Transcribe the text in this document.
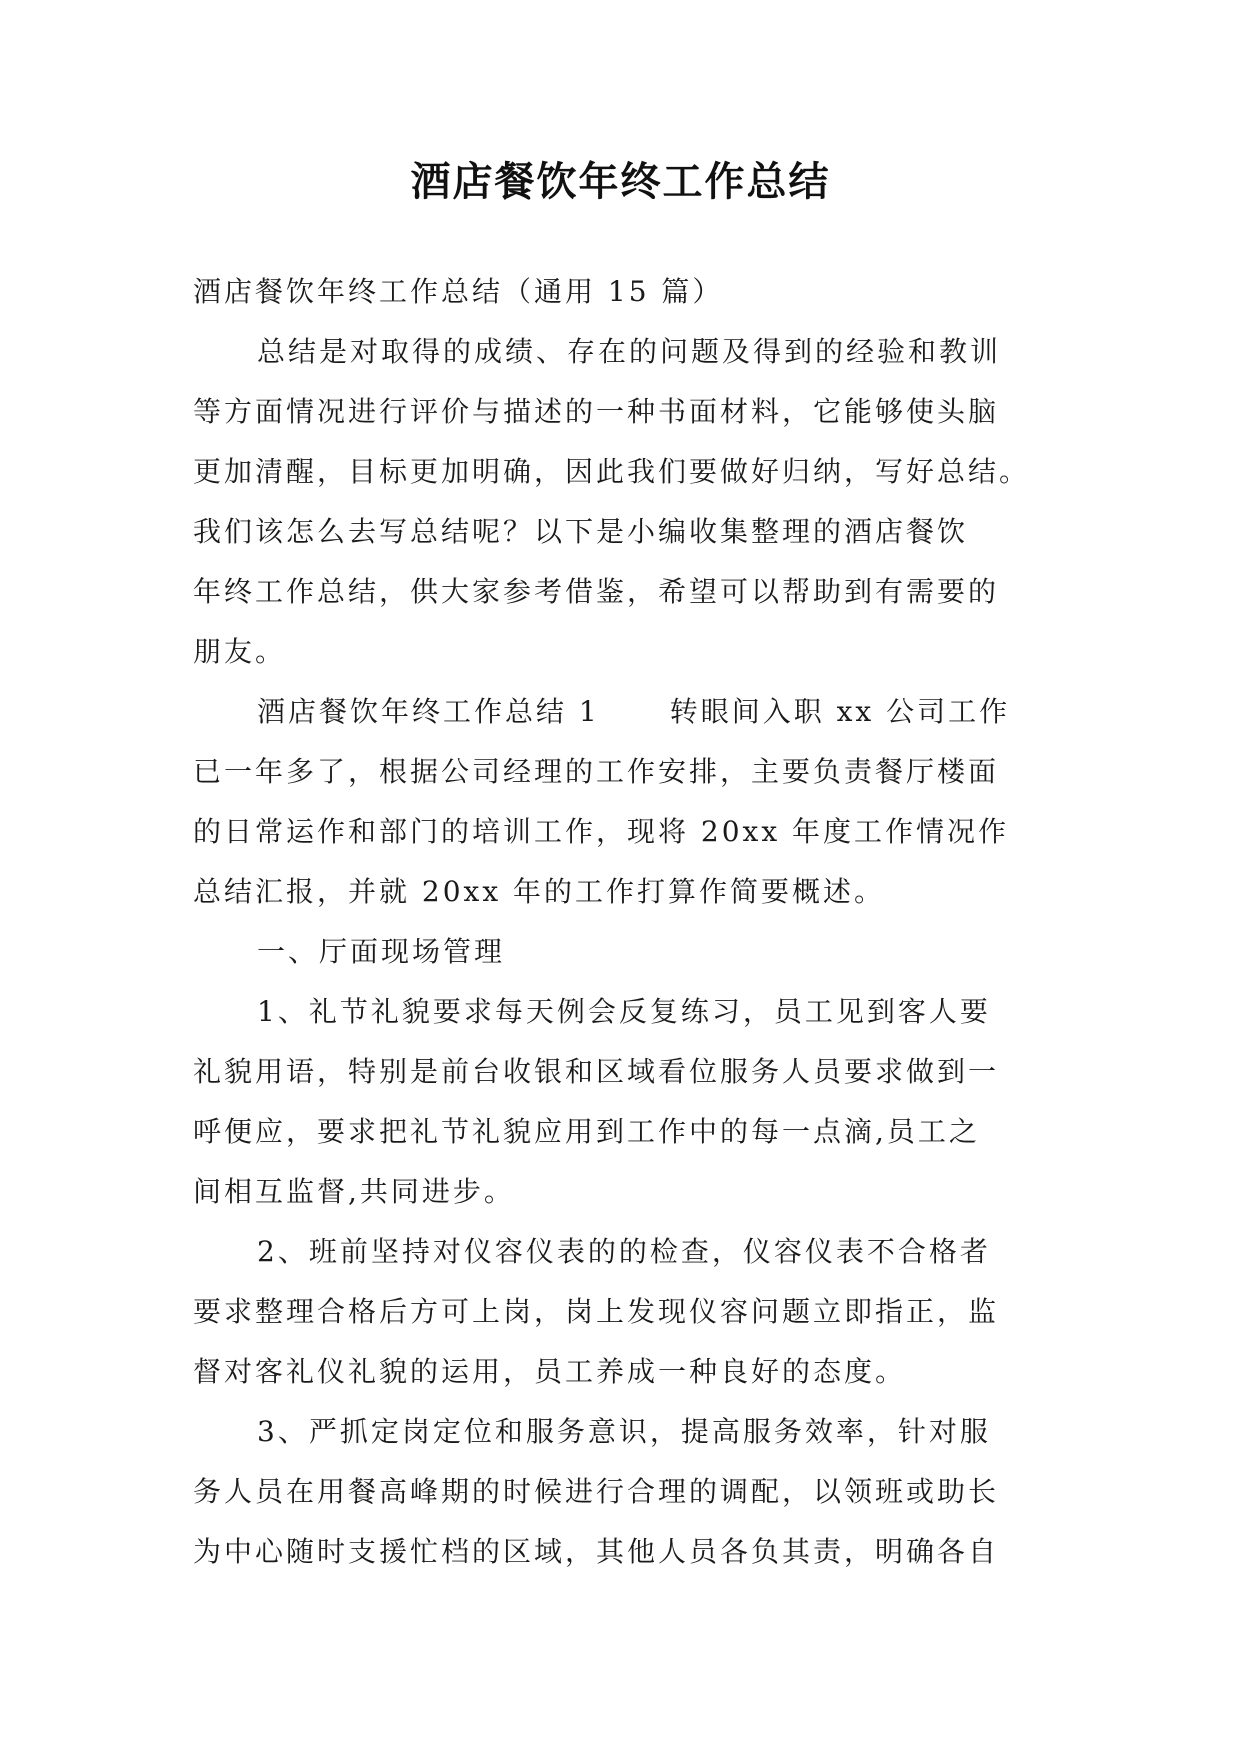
酒店餐饮年终工作总结
酒店餐饮年终工作总结（通用 15 篇）
总结是对取得的成绩、存在的问题及得到的经验和教训
等方面情况进行评价与描述的一种书面材料，它能够使头脑
更加清醒，目标更加明确，因此我们要做好归纳，写好总结。
我们该怎么去写总结呢？以下是小编收集整理的酒店餐饮
年终工作总结，供大家参考借鉴，希望可以帮助到有需要的
朋友。
酒店餐饮年终工作总结 1	转眼间入职 xx 公司工作
已一年多了，根据公司经理的工作安排，主要负责餐厅楼面
的日常运作和部门的培训工作，现将 20xx 年度工作情况作
总结汇报，并就 20xx 年的工作打算作简要概述。
一、厅面现场管理
1、礼节礼貌要求每天例会反复练习，员工见到客人要
礼貌用语，特别是前台收银和区域看位服务人员要求做到一
呼便应，要求把礼节礼貌应用到工作中的每一点滴,员工之
间相互监督,共同进步。
2、班前坚持对仪容仪表的的检查，仪容仪表不合格者
要求整理合格后方可上岗，岗上发现仪容问题立即指正，监
督对客礼仪礼貌的运用，员工养成一种良好的态度。
3、严抓定岗定位和服务意识，提高服务效率，针对服
务人员在用餐高峰期的时候进行合理的调配，以领班或助长
为中心随时支援忙档的区域，其他人员各负其责，明确各自
